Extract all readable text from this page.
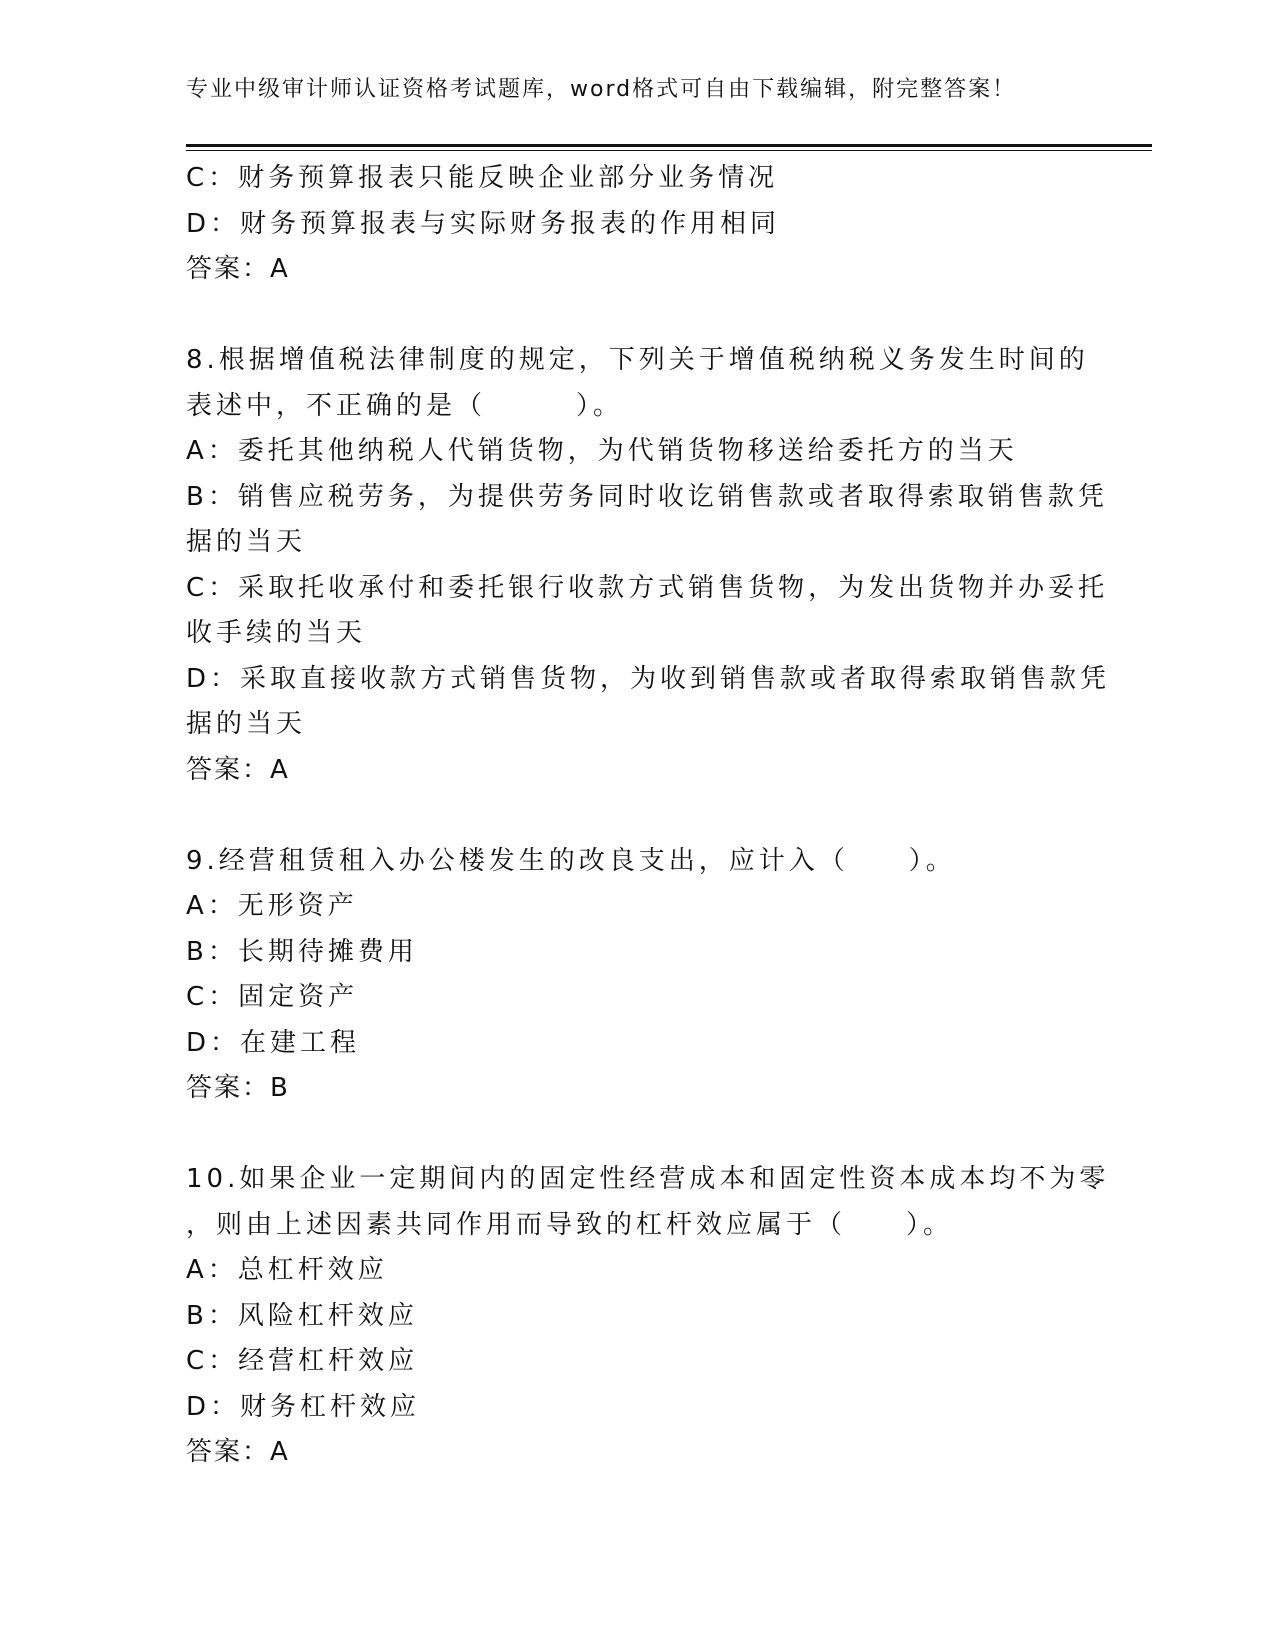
专业中级审计师认证资格考试题库，word格式可自由下载编辑，附完整答案！
C：财务预算报表只能反映企业部分业务情况
D：财务预算报表与实际财务报表的作用相同
答案：A
8.根据增值税法律制度的规定，下列关于增值税纳税义务发生时间的
表述中，不正确的是（　　　）。
A：委托其他纳税人代销货物，为代销货物移送给委托方的当天
B：销售应税劳务，为提供劳务同时收讫销售款或者取得索取销售款凭
据的当天
C：采取托收承付和委托银行收款方式销售货物，为发出货物并办妥托
收手续的当天
D：采取直接收款方式销售货物，为收到销售款或者取得索取销售款凭
据的当天
答案：A
9.经营租赁租入办公楼发生的改良支出，应计入（　　）。
A：无形资产
B：长期待摊费用
C：固定资产
D：在建工程
答案：B
10.如果企业一定期间内的固定性经营成本和固定性资本成本均不为零
，则由上述因素共同作用而导致的杠杆效应属于（　　）。
A：总杠杆效应
B：风险杠杆效应
C：经营杠杆效应
D：财务杠杆效应
答案：A
